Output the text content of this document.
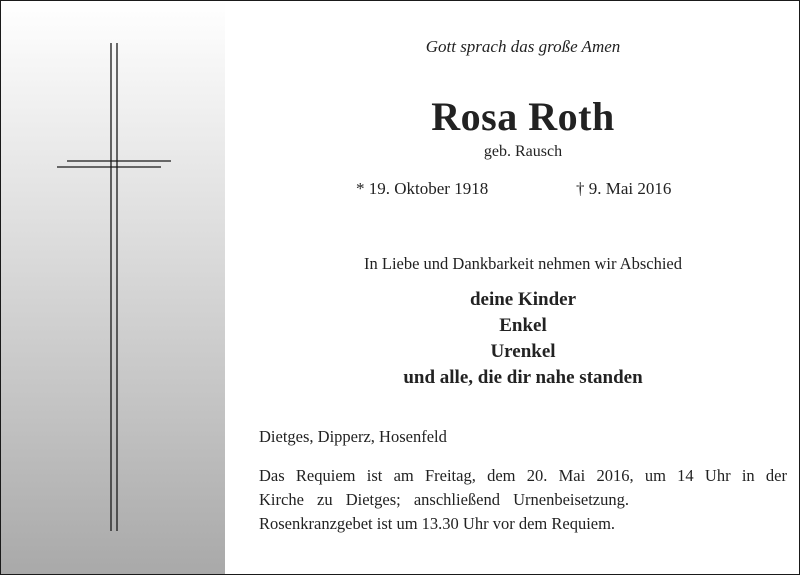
Gott sprach das große Amen
Rosa Roth
geb. Rausch
* 19. Oktober 1918	† 9. Mai 2016
In Liebe und Dankbarkeit nehmen wir Abschied
deine Kinder
Enkel
Urenkel
und alle, die dir nahe standen
Dietges, Dipperz, Hosenfeld
Das Requiem ist am Freitag, dem 20. Mai 2016, um 14 Uhr in der
Kirche zu Dietges; anschließend Urnenbeisetzung.
Rosenkranzgebet ist um 13.30 Uhr vor dem Requiem.
